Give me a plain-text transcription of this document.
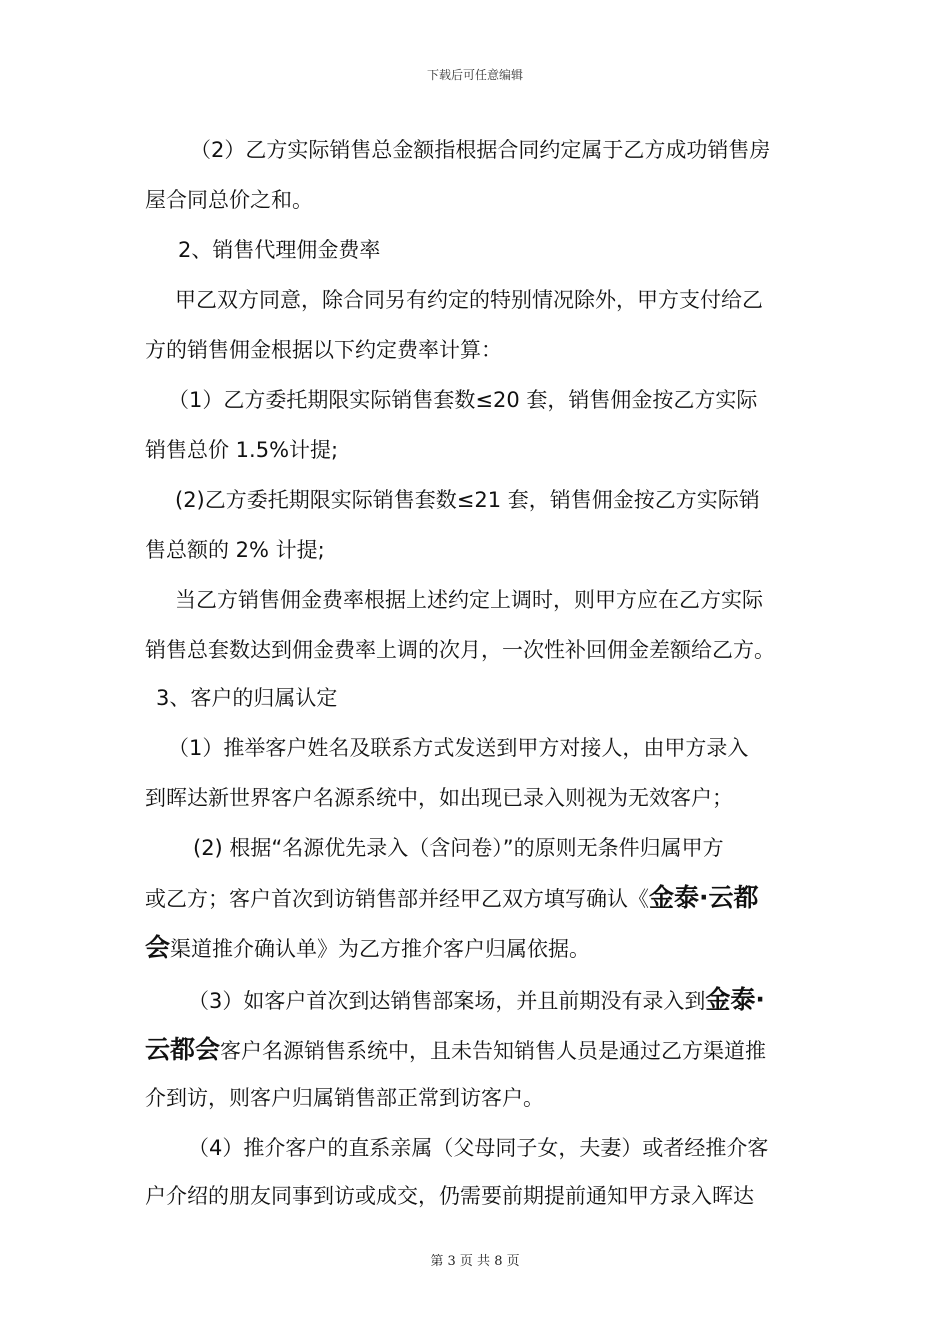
下载后可任意编辑
（2）乙方实际销售总金额指根据合同约定属于乙方成功销售房
屋合同总价之和。
2、销售代理佣金费率
甲乙双方同意，除合同另有约定的特别情况除外，甲方支付给乙
方的销售佣金根据以下约定费率计算：
（1）乙方委托期限实际销售套数≤20 套，销售佣金按乙方实际
销售总价 1.5%计提;
(2)乙方委托期限实际销售套数≤21 套，销售佣金按乙方实际销
售总额的 2% 计提;
当乙方销售佣金费率根据上述约定上调时，则甲方应在乙方实际
销售总套数达到佣金费率上调的次月，一次性补回佣金差额给乙方。
3、客户的归属认定
（1）推举客户姓名及联系方式发送到甲方对接人，由甲方录入
到晖达新世界客户名源系统中，如出现已录入则视为无效客户；
(2) 根据“名源优先录入（含问卷）”的原则无条件归属甲方
或乙方；客户首次到访销售部并经甲乙双方填写确认《金泰·云都
会渠道推介确认单》为乙方推介客户归属依据。
（3）如客户首次到达销售部案场，并且前期没有录入到金泰·
云都会客户名源销售系统中，且未告知销售人员是通过乙方渠道推
介到访，则客户归属销售部正常到访客户。
（4）推介客户的直系亲属（父母同子女，夫妻）或者经推介客
户介绍的朋友同事到访或成交，仍需要前期提前通知甲方录入晖达
第 3 页 共 8 页
